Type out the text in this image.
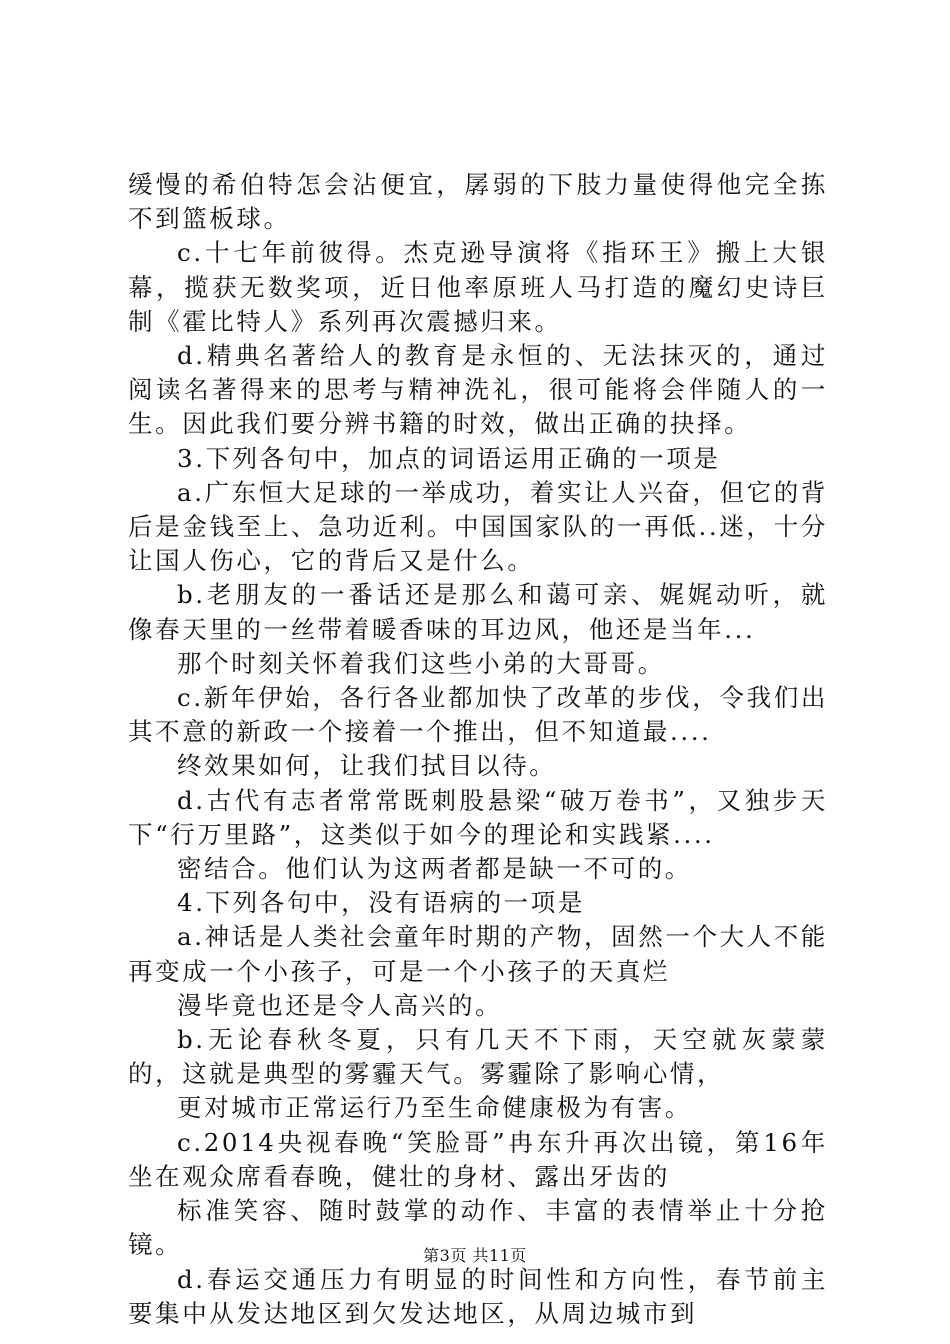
缓慢的希伯特怎会沾便宜，孱弱的下肢力量使得他完全拣不到篮板球。

c.十七年前彼得。杰克逊导演将《指环王》搬上大银幕，揽获无数奖项，近日他率原班人马打造的魔幻史诗巨制《霍比特人》系列再次震撼归来。

d.精典名著给人的教育是永恒的、无法抹灭的，通过阅读名著得来的思考与精神洗礼，很可能将会伴随人的一生。因此我们要分辨书籍的时效，做出正确的抉择。

3.下列各句中，加点的词语运用正确的一项是

a.广东恒大足球的一举成功，着实让人兴奋，但它的背后是金钱至上、急功近利。中国国家队的一再低..迷，十分让国人伤心，它的背后又是什么。

b.老朋友的一番话还是那么和蔼可亲、娓娓动听，就像春天里的一丝带着暖香味的耳边风，他还是当年...

那个时刻关怀着我们这些小弟的大哥哥。

c.新年伊始，各行各业都加快了改革的步伐，令我们出其不意的新政一个接着一个推出，但不知道最....

终效果如何，让我们拭目以待。

d.古代有志者常常既刺股悬梁“破万卷书”，又独步天下“行万里路”，这类似于如今的理论和实践紧....

密结合。他们认为这两者都是缺一不可的。

4.下列各句中，没有语病的一项是

a.神话是人类社会童年时期的产物，固然一个大人不能再变成一个小孩子，可是一个小孩子的天真烂

漫毕竟也还是令人高兴的。

b.无论春秋冬夏，只有几天不下雨，天空就灰蒙蒙的，这就是典型的雾霾天气。雾霾除了影响心情，

更对城市正常运行乃至生命健康极为有害。

c.2014央视春晚“笑脸哥”冉东升再次出镜，第16年坐在观众席看春晚，健壮的身材、露出牙齿的

标准笑容、随时鼓掌的动作、丰富的表情举止十分抢镜。

d.春运交通压力有明显的时间性和方向性，春节前主要集中从发达地区到欠发达地区，从周边城市到

第3页 共11页
